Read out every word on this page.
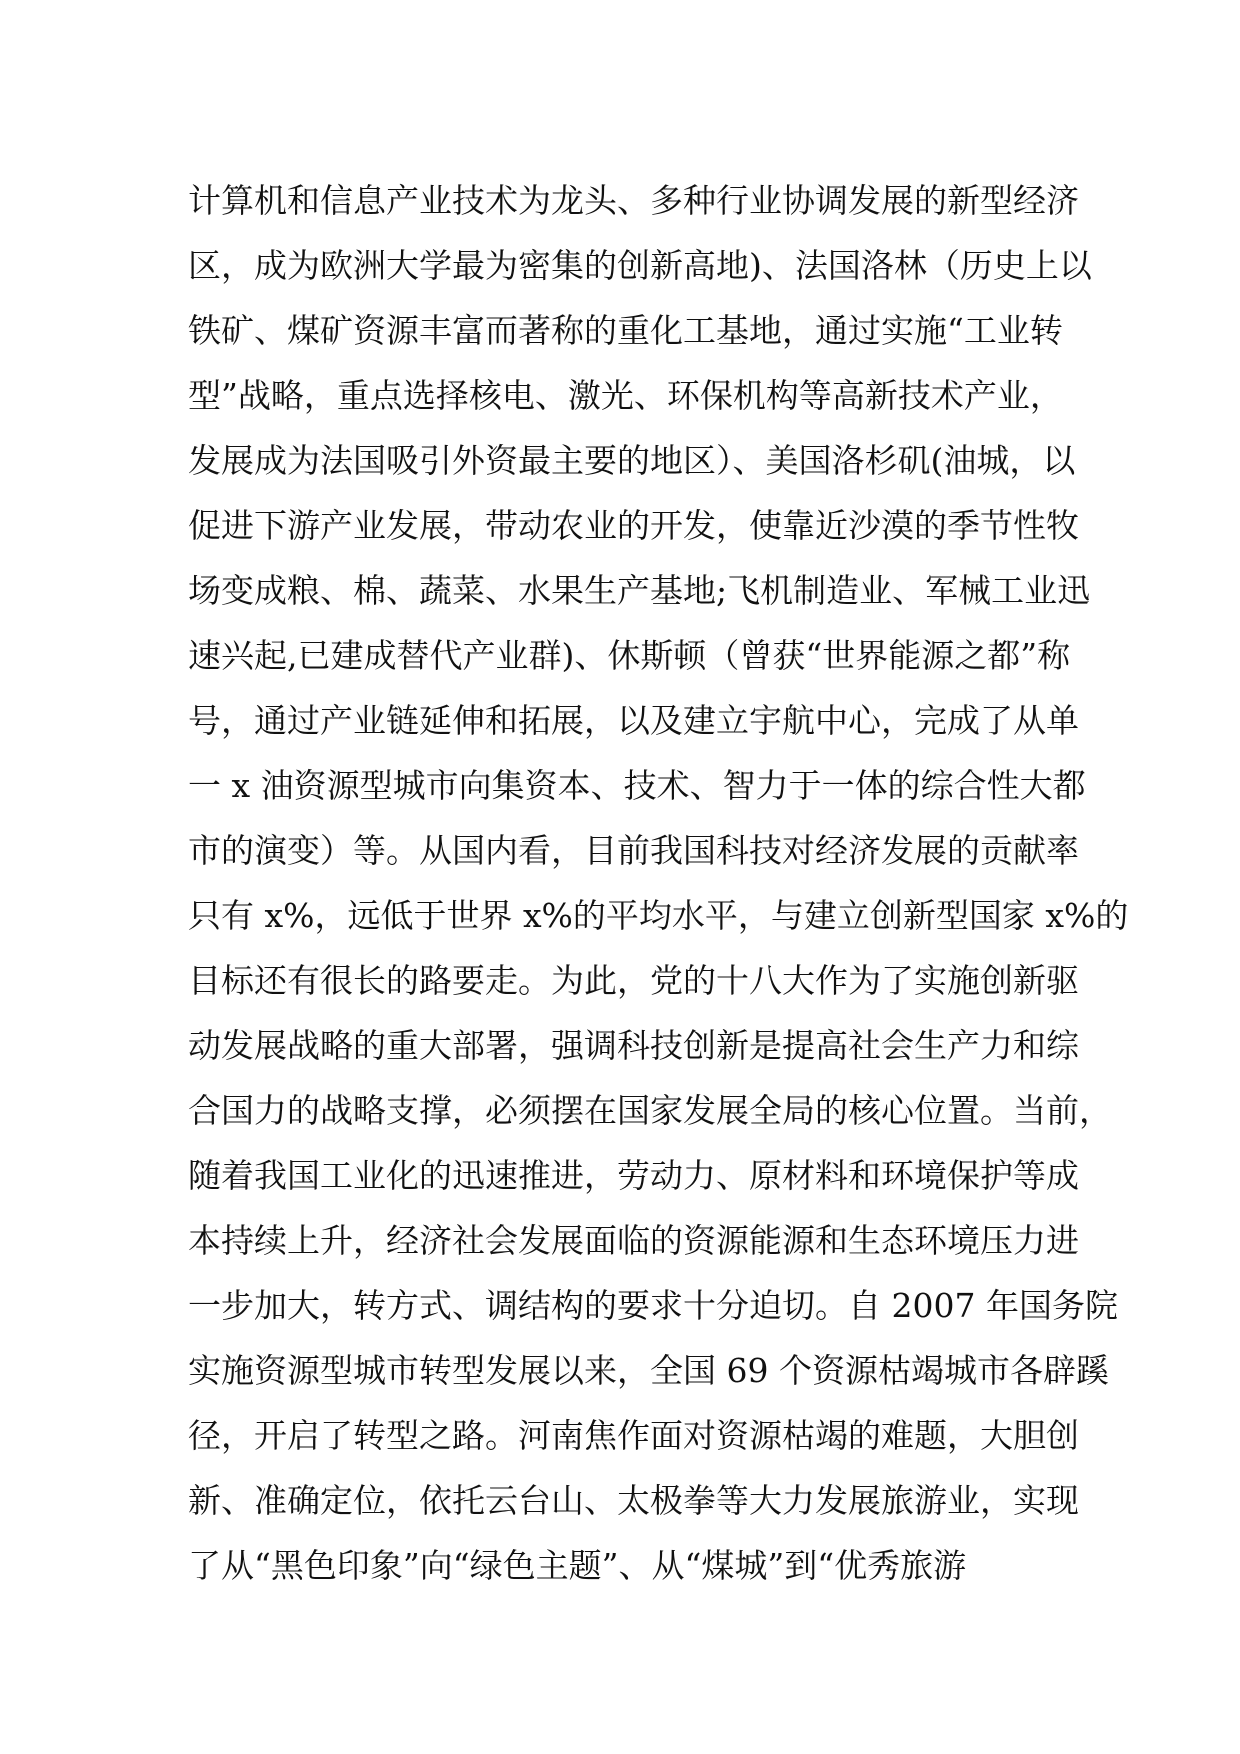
计算机和信息产业技术为龙头、多种行业协调发展的新型经济
区，成为欧洲大学最为密集的创新高地)、法国洛林（历史上以
铁矿、煤矿资源丰富而著称的重化工基地，通过实施“工业转
型”战略，重点选择核电、激光、环保机构等高新技术产业，
发展成为法国吸引外资最主要的地区）、美国洛杉矶(油城，以
促进下游产业发展，带动农业的开发，使靠近沙漠的季节性牧
场变成粮、棉、蔬菜、水果生产基地;飞机制造业、军械工业迅
速兴起,已建成替代产业群)、休斯顿（曾获“世界能源之都”称
号，通过产业链延伸和拓展，以及建立宇航中心，完成了从单
一 x 油资源型城市向集资本、技术、智力于一体的综合性大都
市的演变）等。从国内看，目前我国科技对经济发展的贡献率
只有 x%，远低于世界 x%的平均水平，与建立创新型国家 x%的
目标还有很长的路要走。为此，党的十八大作为了实施创新驱
动发展战略的重大部署，强调科技创新是提高社会生产力和综
合国力的战略支撑，必须摆在国家发展全局的核心位置。当前，
随着我国工业化的迅速推进，劳动力、原材料和环境保护等成
本持续上升，经济社会发展面临的资源能源和生态环境压力进
一步加大，转方式、调结构的要求十分迫切。自 2007 年国务院
实施资源型城市转型发展以来，全国 69 个资源枯竭城市各辟蹊
径，开启了转型之路。河南焦作面对资源枯竭的难题，大胆创
新、准确定位，依托云台山、太极拳等大力发展旅游业，实现
了从“黑色印象”向“绿色主题”、从“煤城”到“优秀旅游
